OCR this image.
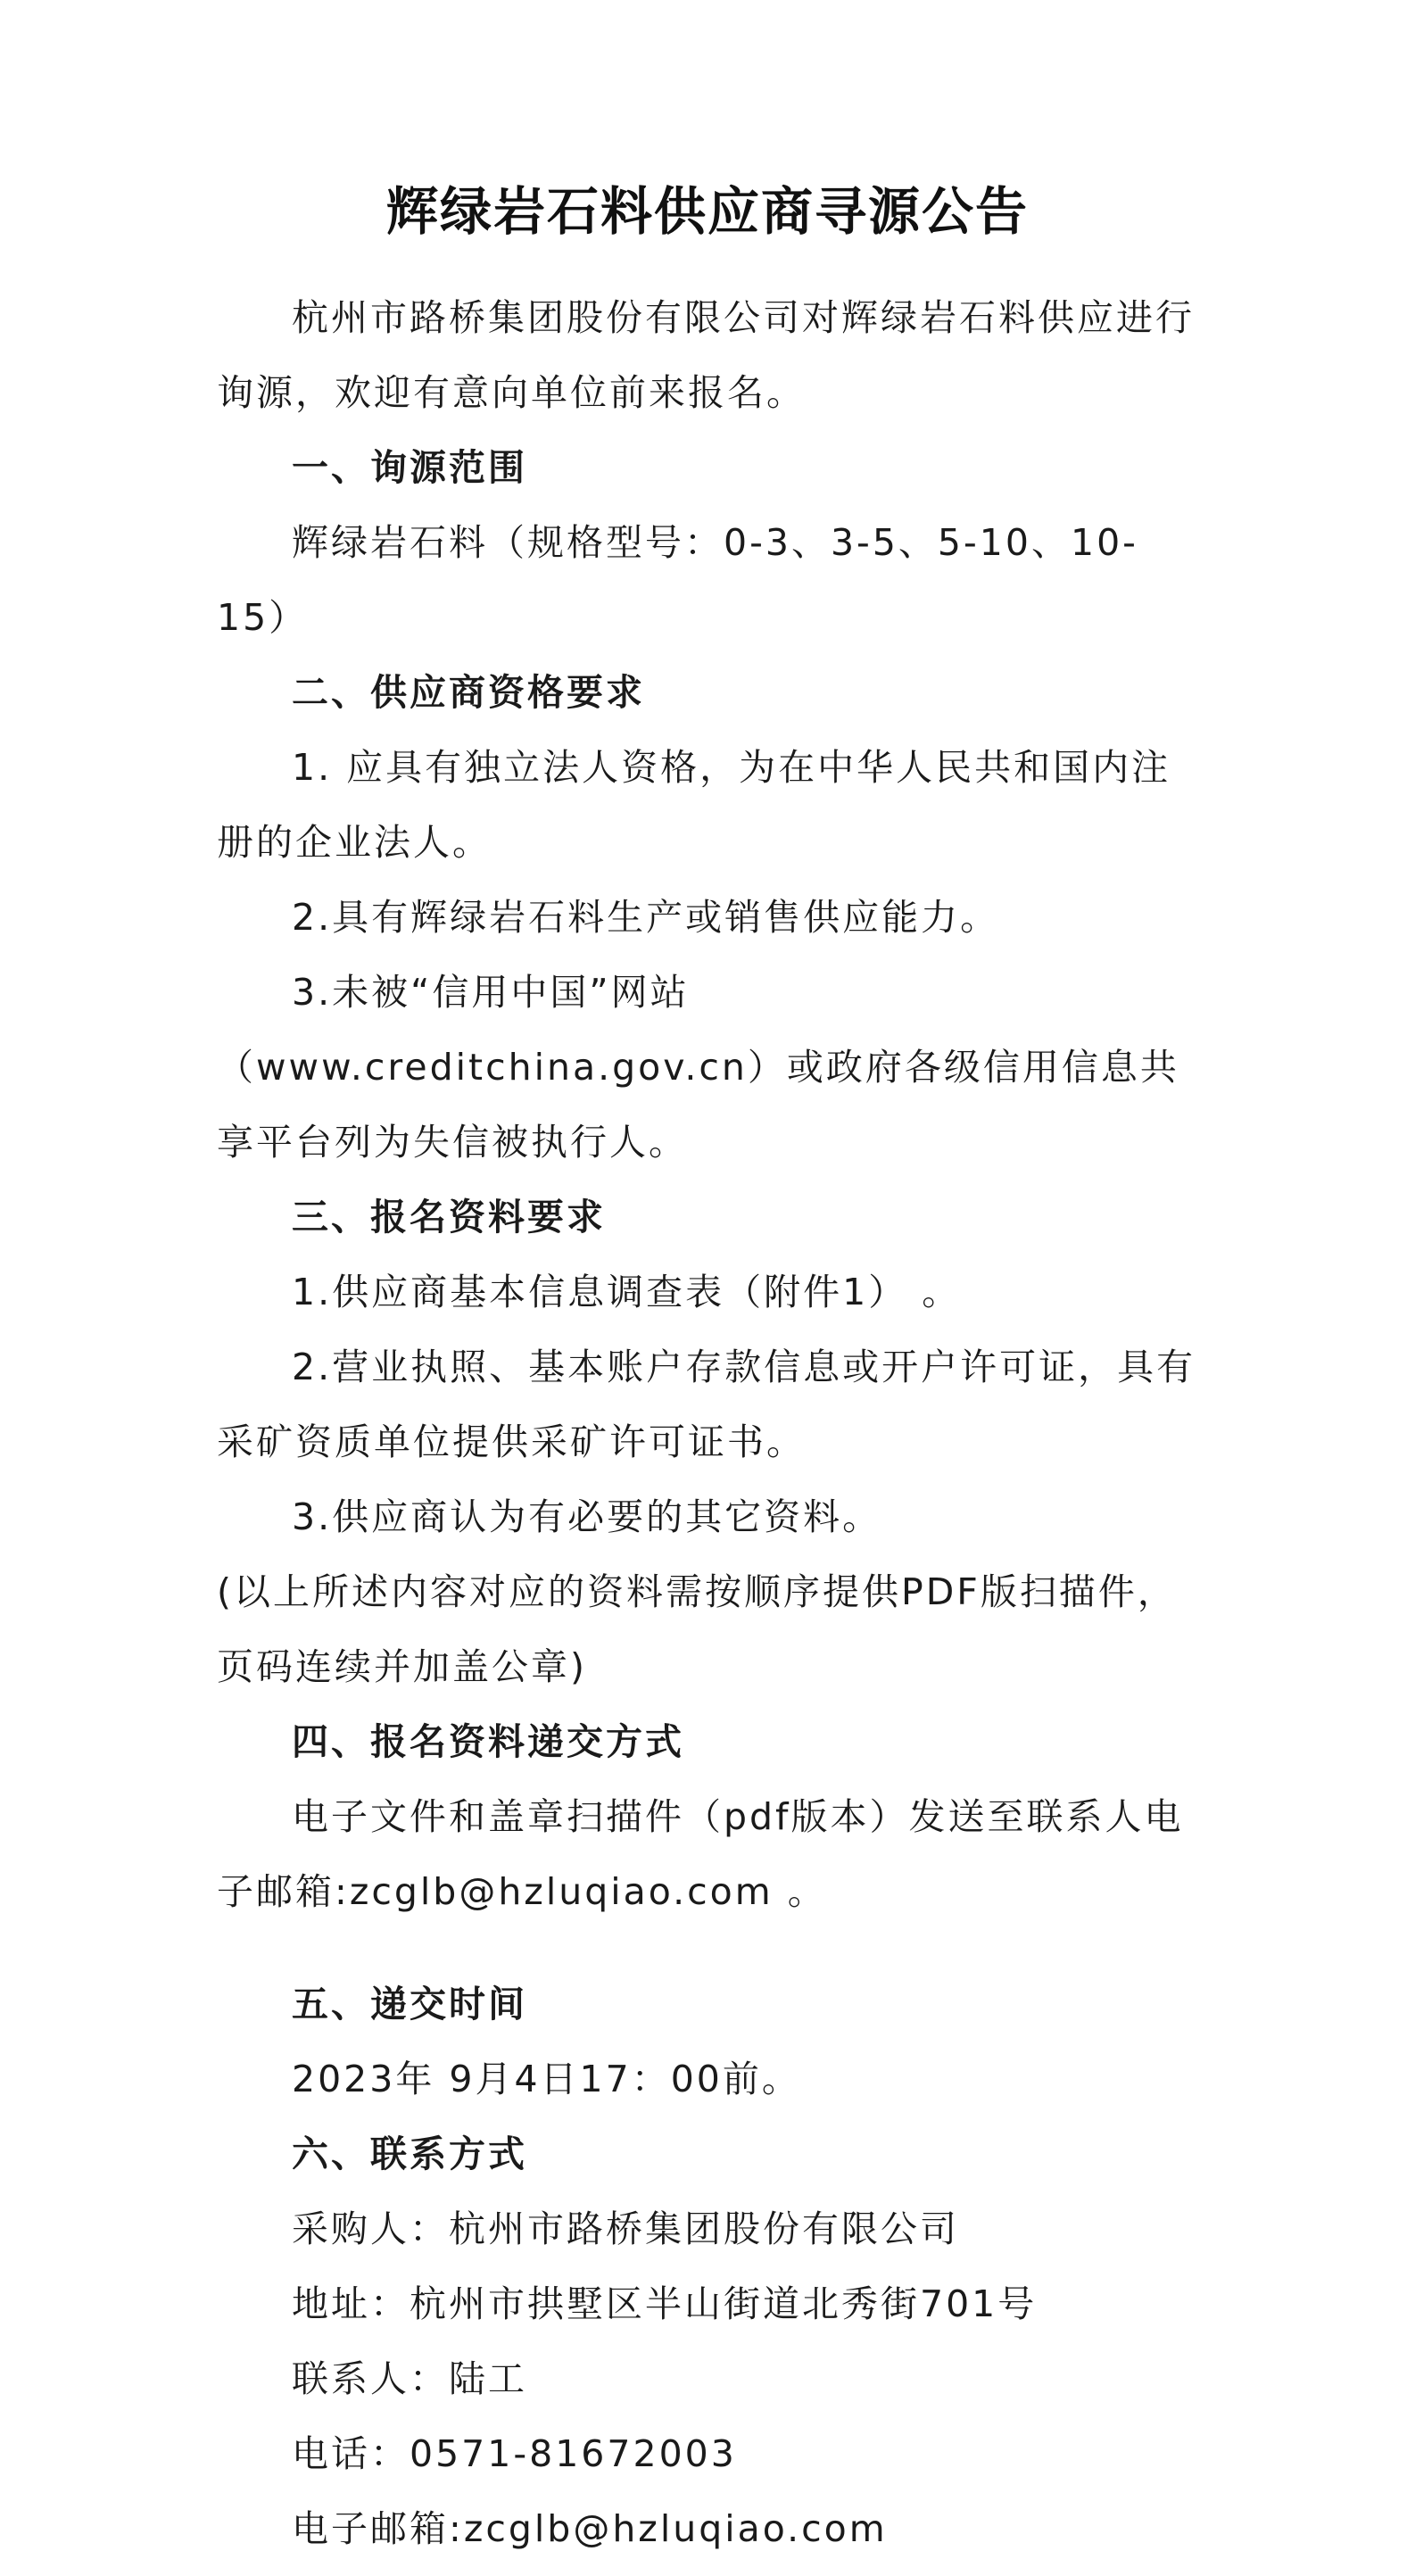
辉绿岩石料供应商寻源公告

杭州市路桥集团股份有限公司对辉绿岩石料供应进行询源，欢迎有意向单位前来报名。

一、询源范围

辉绿岩石料（规格型号：0-3、3-5、5-10、10-15）

二、供应商资格要求

1. 应具有独立法人资格，为在中华人民共和国内注册的企业法人。

2.具有辉绿岩石料生产或销售供应能力。

3.未被“信用中国”网站（www.creditchina.gov.cn）或政府各级信用信息共享平台列为失信被执行人。

三、报名资料要求

1.供应商基本信息调查表（附件1） 。

2.营业执照、基本账户存款信息或开户许可证，具有采矿资质单位提供采矿许可证书。

3.供应商认为有必要的其它资料。

(以上所述内容对应的资料需按顺序提供PDF版扫描件，页码连续并加盖公章)

四、报名资料递交方式

电子文件和盖章扫描件（pdf版本）发送至联系人电子邮箱:zcglb@hzluqiao.com 。

五、递交时间

2023年 9月4日17：00前。

六、联系方式

采购人：杭州市路桥集团股份有限公司

地址：杭州市拱墅区半山街道北秀街701号

联系人：陆工

电话：0571-81672003

电子邮箱:zcglb@hzluqiao.com
